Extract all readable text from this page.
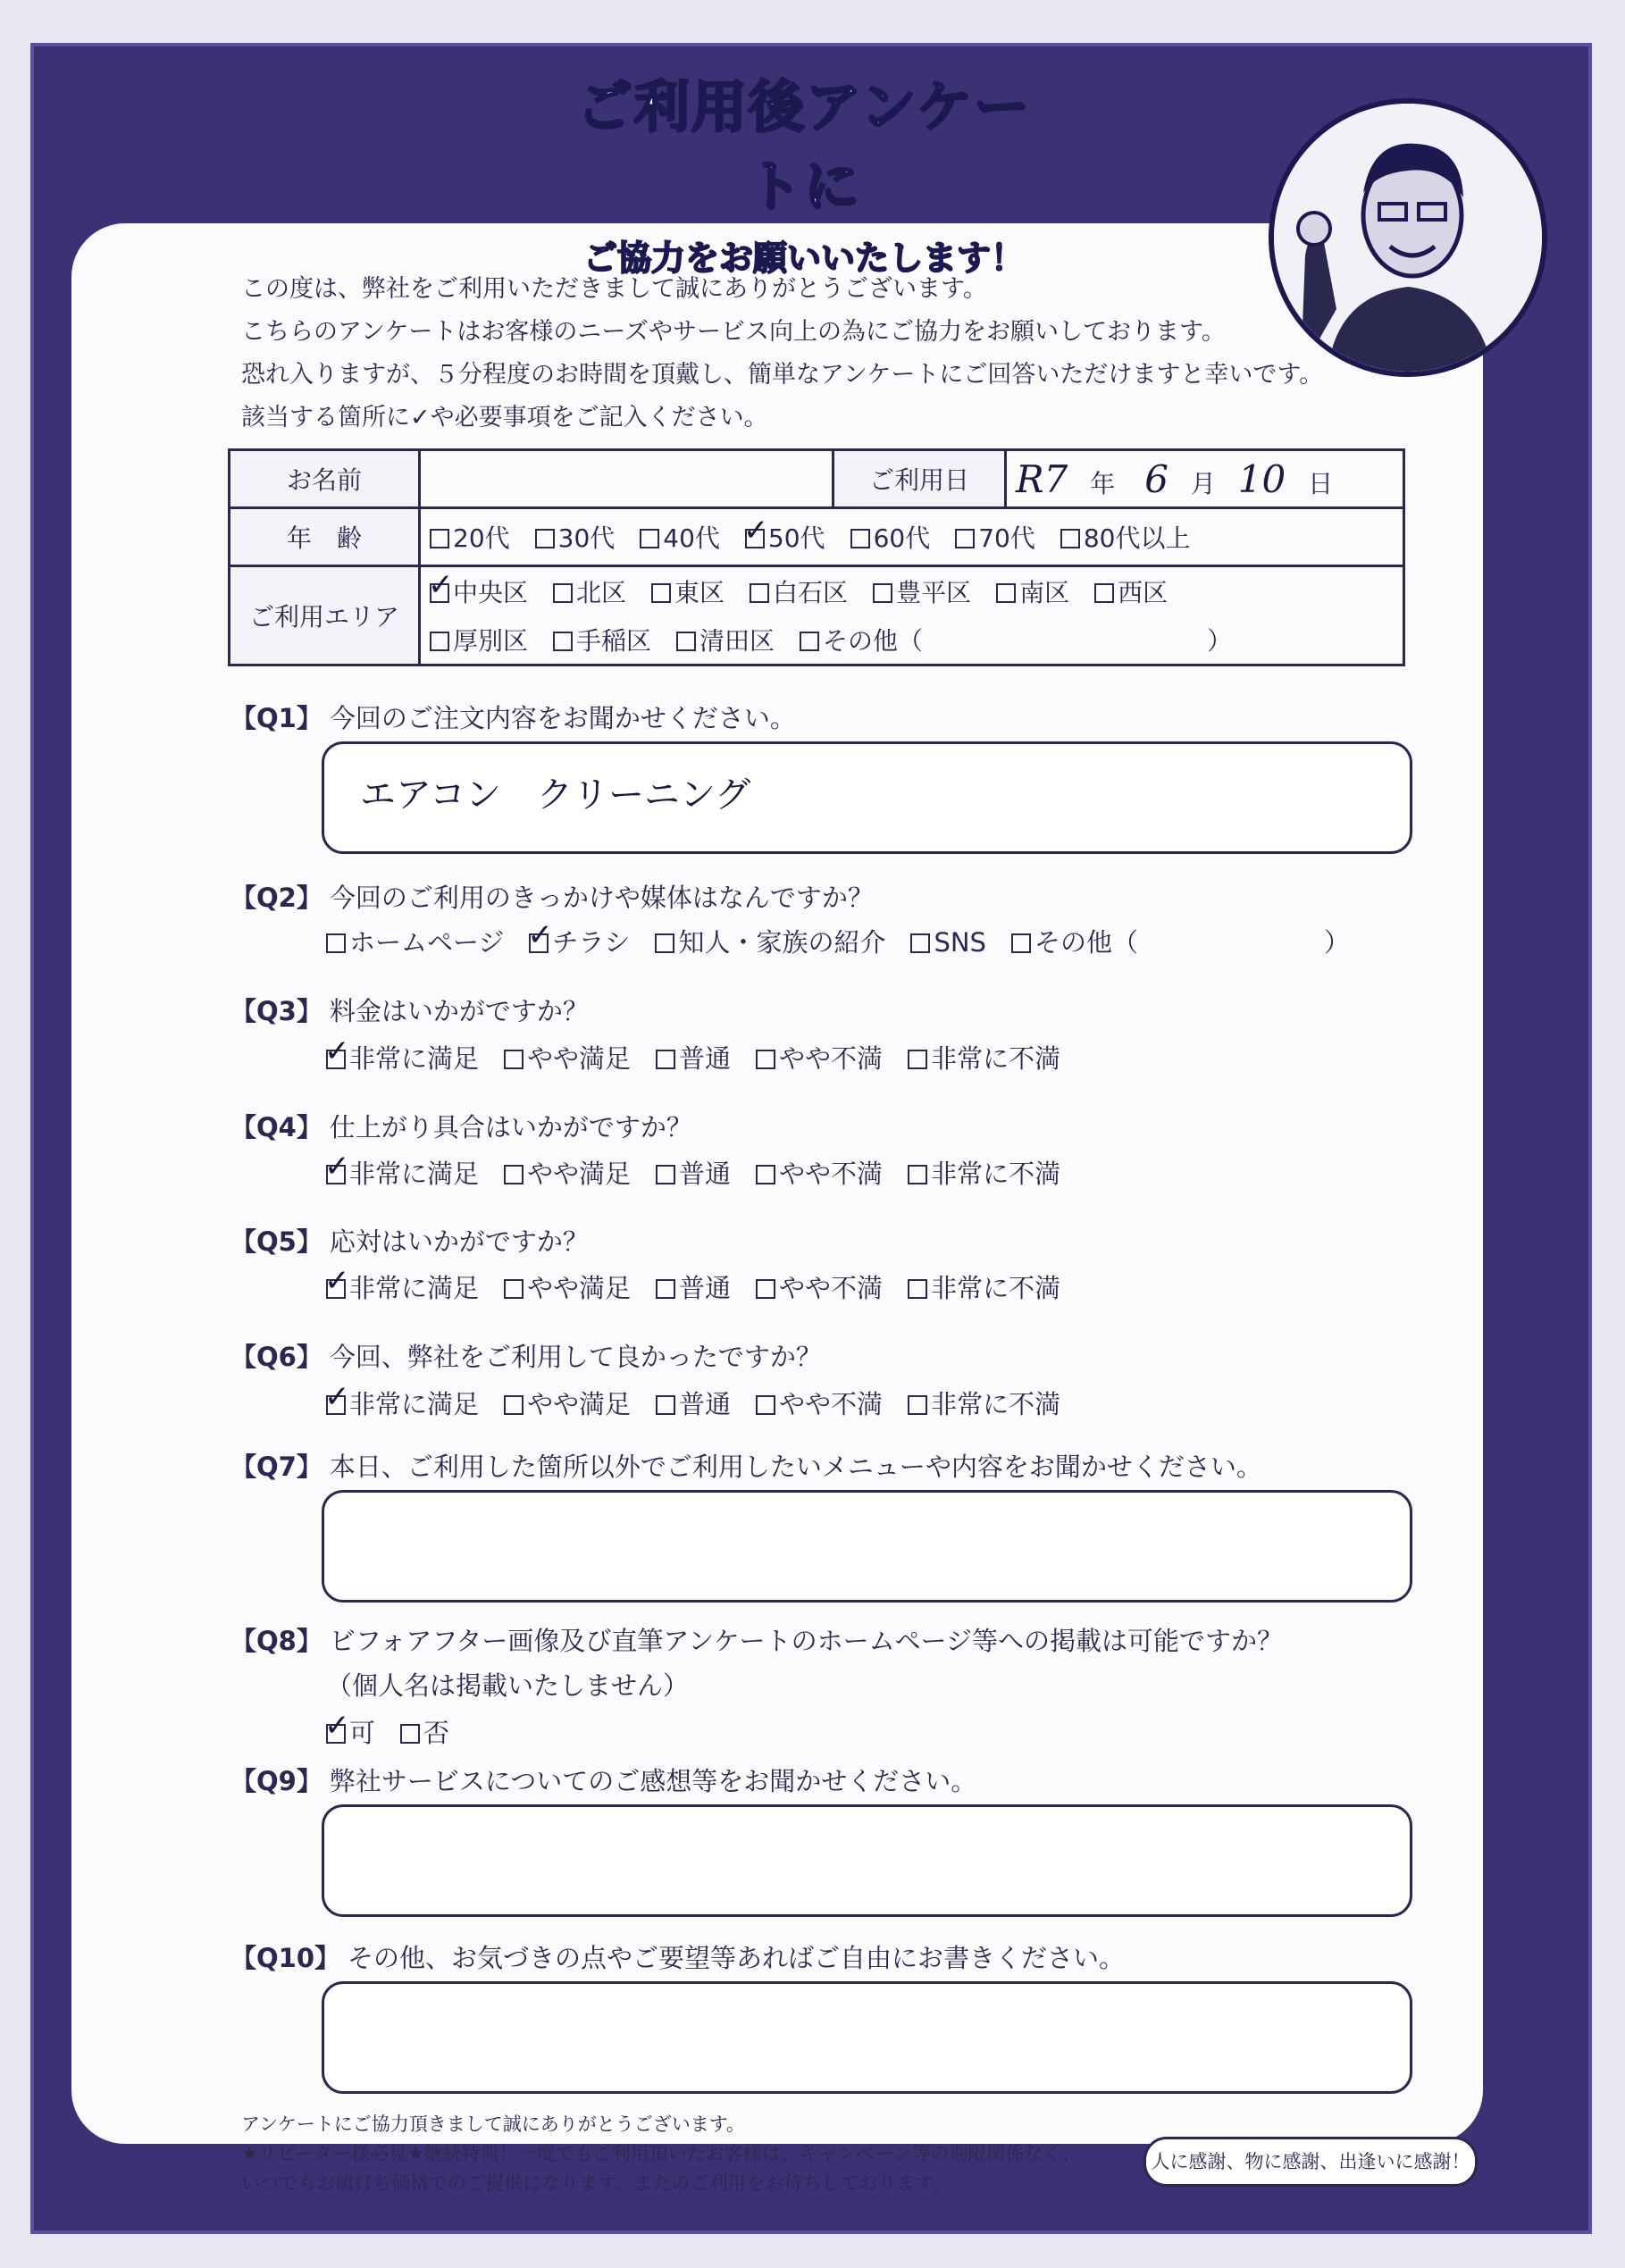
ご利用後アンケートに
ご協力をお願いいたします！
この度は、弊社をご利用いただきまして誠にありがとうございます。
こちらのアンケートはお客様のニーズやサービス向上の為にご協力をお願いしております。
恐れ入りますが、５分程度のお時間を頂戴し、簡単なアンケートにご回答いただけますと幸いです。
該当する箇所に✓や必要事項をご記入ください。
お名前		ご利用日	R7 年 6 月 10 日
年　齢	20代 30代 40代 ✓ 50代 60代 70代 80代以上
ご利用エリア	
✓中央区 北区 東区 白石区 豊平区 南区 西区
厚別区 手稲区 清田区 その他（ ）
【Q1】 今回のご注文内容をお聞かせください。
エアコン　クリーニング
【Q2】 今回のご利用のきっかけや媒体はなんですか？
ホームページ ✓ チラシ 知人・家族の紹介 SNS その他（	）
【Q3】 料金はいかがですか？
✓非常に満足 やや満足 普通 やや不満 非常に不満
【Q4】 仕上がり具合はいかがですか？
✓非常に満足 やや満足 普通 やや不満 非常に不満
【Q5】 応対はいかがですか？
✓非常に満足 やや満足 普通 やや不満 非常に不満
【Q6】 今回、弊社をご利用して良かったですか？
✓非常に満足 やや満足 普通 やや不満 非常に不満
【Q7】 本日、ご利用した箇所以外でご利用したいメニューや内容をお聞かせください。
【Q8】 ビフォアフター画像及び直筆アンケートのホームページ等への掲載は可能ですか？
（個人名は掲載いたしません）
✓可 否
【Q9】 弊社サービスについてのご感想等をお聞かせください。
【Q10】 その他、お気づきの点やご要望等あればご自由にお書きください。
アンケートにご協力頂きまして誠にありがとうございます。
★リピーター様必見★継続特典！一度でもご利用頂いたお客様は、キャンペーン等の期限関係なく、
いつでもお値打ち価格でのご提供になります。またのご利用をお待ちしております。
人に感謝、物に感謝、出逢いに感謝！
